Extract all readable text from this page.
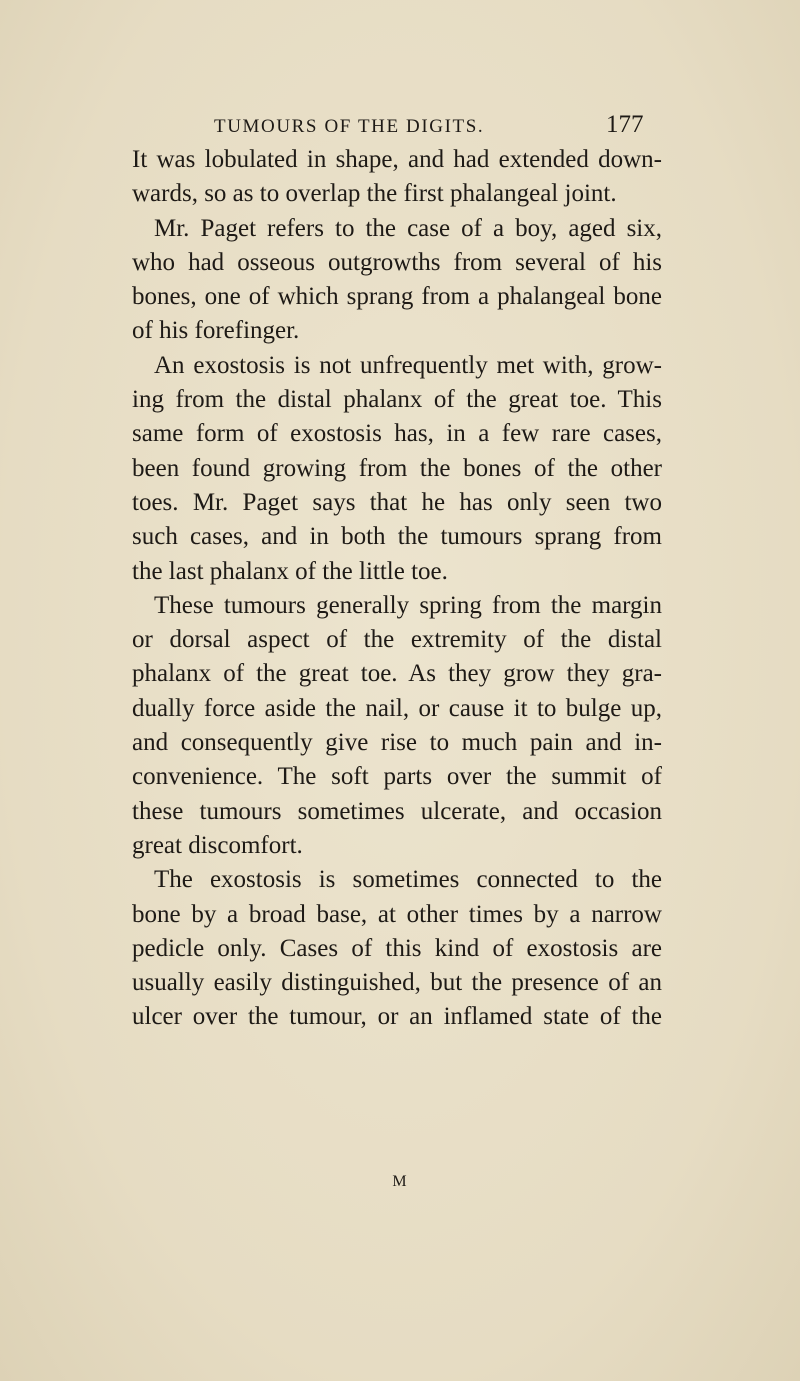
TUMOURS OF THE DIGITS.	177
It was lobulated in shape, and had extended down-
wards, so as to overlap the first phalangeal joint.
Mr. Paget refers to the case of a boy, aged six,
who had osseous outgrowths from several of his
bones, one of which sprang from a phalangeal bone
of his forefinger.
An exostosis is not unfrequently met with, grow-
ing from the distal phalanx of the great toe. This
same form of exostosis has, in a few rare cases,
been found growing from the bones of the other
toes. Mr. Paget says that he has only seen two
such cases, and in both the tumours sprang from
the last phalanx of the little toe.
These tumours generally spring from the margin
or dorsal aspect of the extremity of the distal
phalanx of the great toe. As they grow they gra-
dually force aside the nail, or cause it to bulge up,
and consequently give rise to much pain and in-
convenience. The soft parts over the summit of
these tumours sometimes ulcerate, and occasion
great discomfort.
The exostosis is sometimes connected to the
bone by a broad base, at other times by a narrow
pedicle only. Cases of this kind of exostosis are
usually easily distinguished, but the presence of an
ulcer over the tumour, or an inflamed state of the
M
